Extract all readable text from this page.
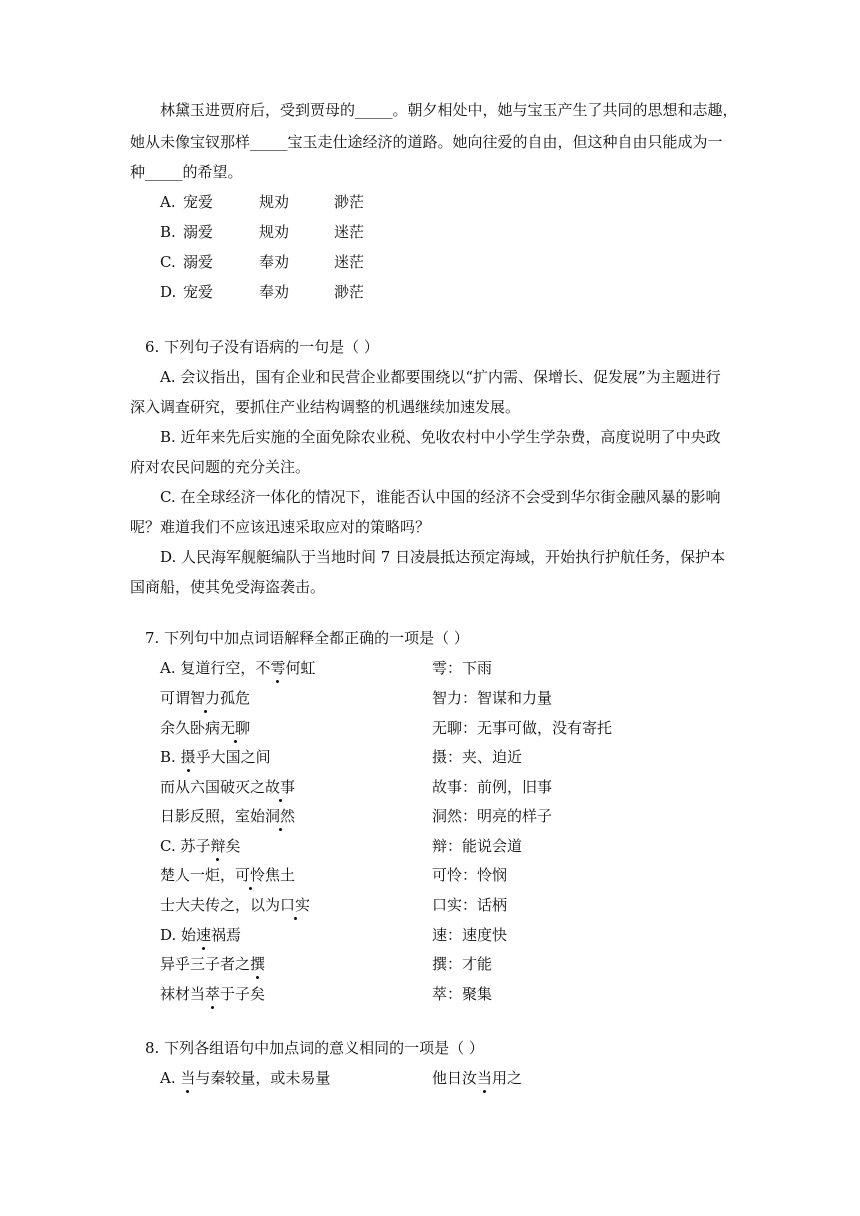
林黛玉进贾府后，受到贾母的_____。朝夕相处中，她与宝玉产生了共同的思想和志趣，
她从未像宝钗那样_____宝玉走仕途经济的道路。她向往爱的自由，但这种自由只能成为一
种_____的希望。
A. 宠爱	规劝	渺茫
B. 溺爱	规劝	迷茫
C. 溺爱	奉劝	迷茫
D. 宠爱	奉劝	渺茫
6. 下列句子没有语病的一句是（ ）
A. 会议指出，国有企业和民营企业都要围绕以“扩内需、保增长、促发展”为主题进行
深入调查研究，要抓住产业结构调整的机遇继续加速发展。
B. 近年来先后实施的全面免除农业税、免收农村中小学生学杂费，高度说明了中央政
府对农民问题的充分关注。
C. 在全球经济一体化的情况下，谁能否认中国的经济不会受到华尔街金融风暴的影响
呢？难道我们不应该迅速采取应对的策略吗？
D. 人民海军舰艇编队于当地时间 7 日凌晨抵达预定海域，开始执行护航任务，保护本
国商船，使其免受海盗袭击。
7. 下列句中加点词语解释全都正确的一项是（ ）
A. 复道行空，不雩何虹	雩：下雨
可谓智力孤危	智力：智谋和力量
余久卧病无聊	无聊：无事可做，没有寄托
B. 摄乎大国之间	摄：夹、迫近
而从六国破灭之故事	故事：前例，旧事
日影反照，室始洞然	洞然：明亮的样子
C. 苏子辩矣	辩：能说会道
楚人一炬，可怜焦土	可怜：怜悯
士大夫传之，以为口实	口实：话柄
D. 始速祸焉	速：速度快
异乎三子者之撰	撰：才能
袜材当萃于子矣	萃：聚集
8. 下列各组语句中加点词的意义相同的一项是（ ）
A. 当与秦较量，或未易量	他日汝当用之
